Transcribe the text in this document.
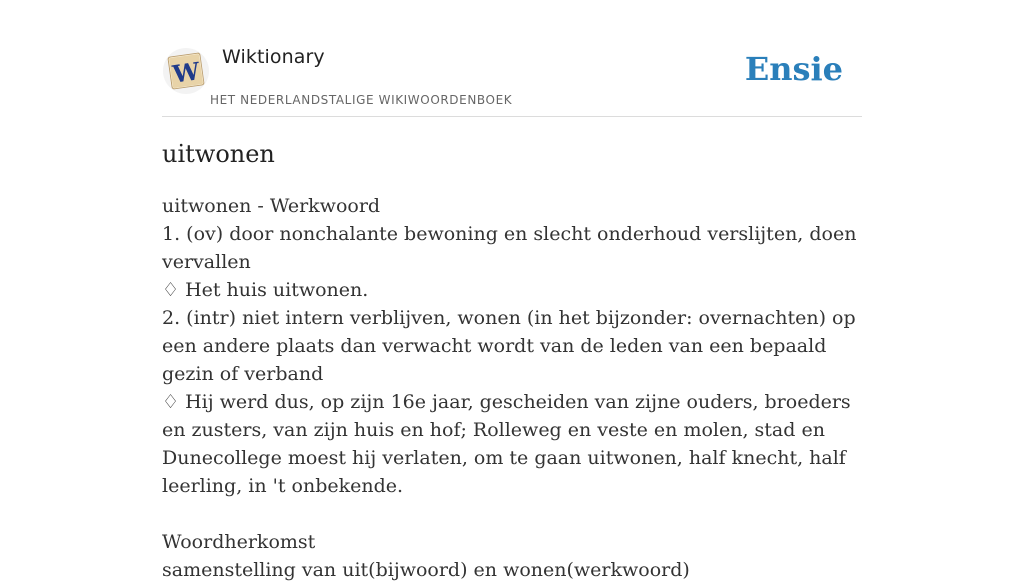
W Wiktionary
HET NEDERLANDSTALIGE WIKIWOORDENBOEK
Ensie
uitwonen
uitwonen - Werkwoord
1. (ov) door nonchalante bewoning en slecht onderhoud verslijten, doen vervallen
♢ Het huis uitwonen.
2. (intr) niet intern verblijven, wonen (in het bijzonder: overnachten) op een andere plaats dan verwacht wordt van de leden van een bepaald gezin of verband
♢ Hij werd dus, op zijn 16e jaar, gescheiden van zijne ouders, broeders en zusters, van zijn huis en hof; Rolleweg en veste en molen, stad en Dunecollege moest hij verlaten, om te gaan uitwonen, half knecht, half leerling, in 't onbekende.
Woordherkomst
samenstelling van uit(bijwoord) en wonen(werkwoord)
